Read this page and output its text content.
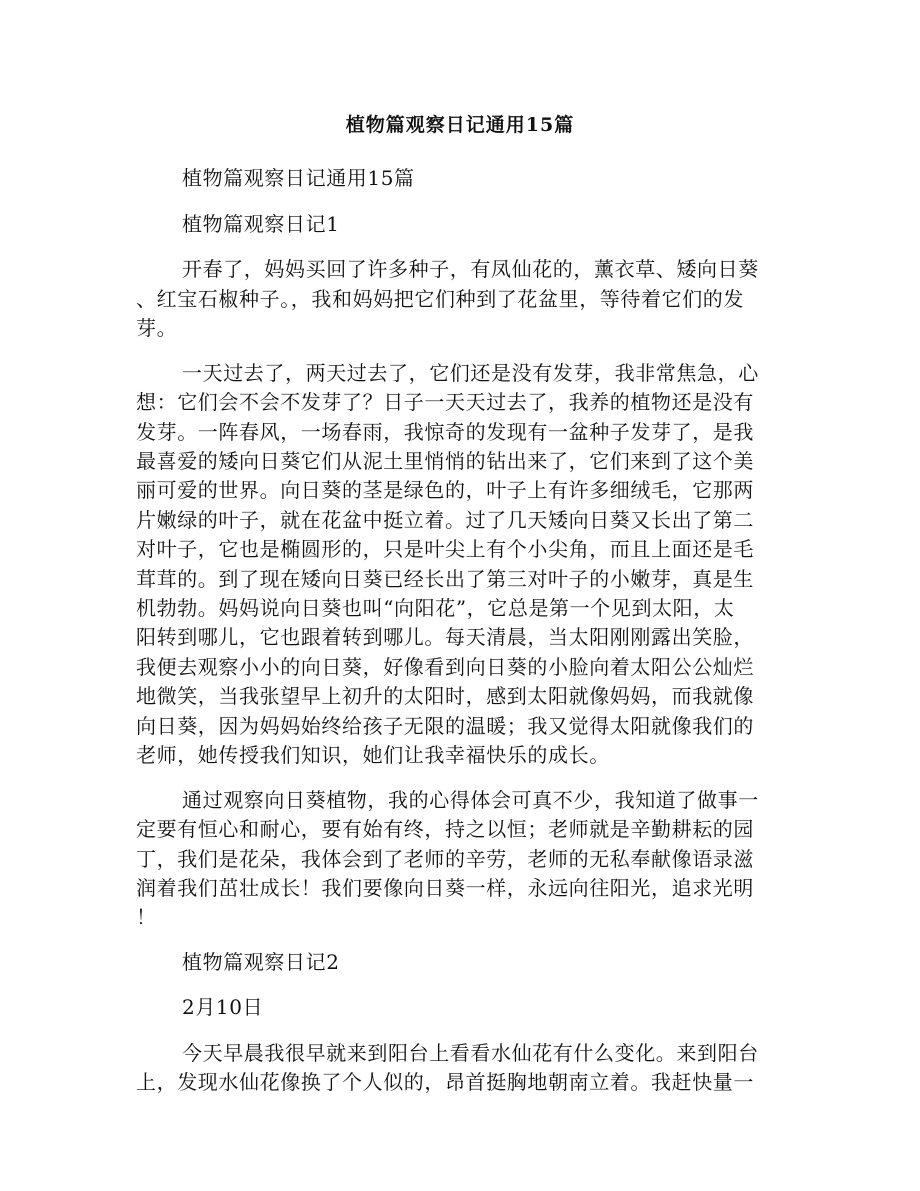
植物篇观察日记通用15篇
植物篇观察日记通用15篇
植物篇观察日记1
开春了，妈妈买回了许多种子，有凤仙花的，薰衣草、矮向日葵
、红宝石椒种子。，我和妈妈把它们种到了花盆里，等待着它们的发
芽。
一天过去了，两天过去了，它们还是没有发芽，我非常焦急，心
想：它们会不会不发芽了？日子一天天过去了，我养的植物还是没有
发芽。一阵春风，一场春雨，我惊奇的发现有一盆种子发芽了，是我
最喜爱的矮向日葵它们从泥土里悄悄的钻出来了，它们来到了这个美
丽可爱的世界。向日葵的茎是绿色的，叶子上有许多细绒毛，它那两
片嫩绿的叶子，就在花盆中挺立着。过了几天矮向日葵又长出了第二
对叶子，它也是椭圆形的，只是叶尖上有个小尖角，而且上面还是毛
茸茸的。到了现在矮向日葵已经长出了第三对叶子的小嫩芽，真是生
机勃勃。妈妈说向日葵也叫“向阳花”，它总是第一个见到太阳，太
阳转到哪儿，它也跟着转到哪儿。每天清晨，当太阳刚刚露出笑脸，
我便去观察小小的向日葵，好像看到向日葵的小脸向着太阳公公灿烂
地微笑，当我张望早上初升的太阳时，感到太阳就像妈妈，而我就像
向日葵，因为妈妈始终给孩子无限的温暖；我又觉得太阳就像我们的
老师，她传授我们知识，她们让我幸福快乐的成长。
通过观察向日葵植物，我的心得体会可真不少，我知道了做事一
定要有恒心和耐心，要有始有终，持之以恒；老师就是辛勤耕耘的园
丁，我们是花朵，我体会到了老师的辛劳，老师的无私奉献像语录滋
润着我们茁壮成长！我们要像向日葵一样，永远向往阳光，追求光明
！
植物篇观察日记2
2月10日
今天早晨我很早就来到阳台上看看水仙花有什么变化。来到阳台
上，发现水仙花像换了个人似的，昂首挺胸地朝南立着。我赶快量一
